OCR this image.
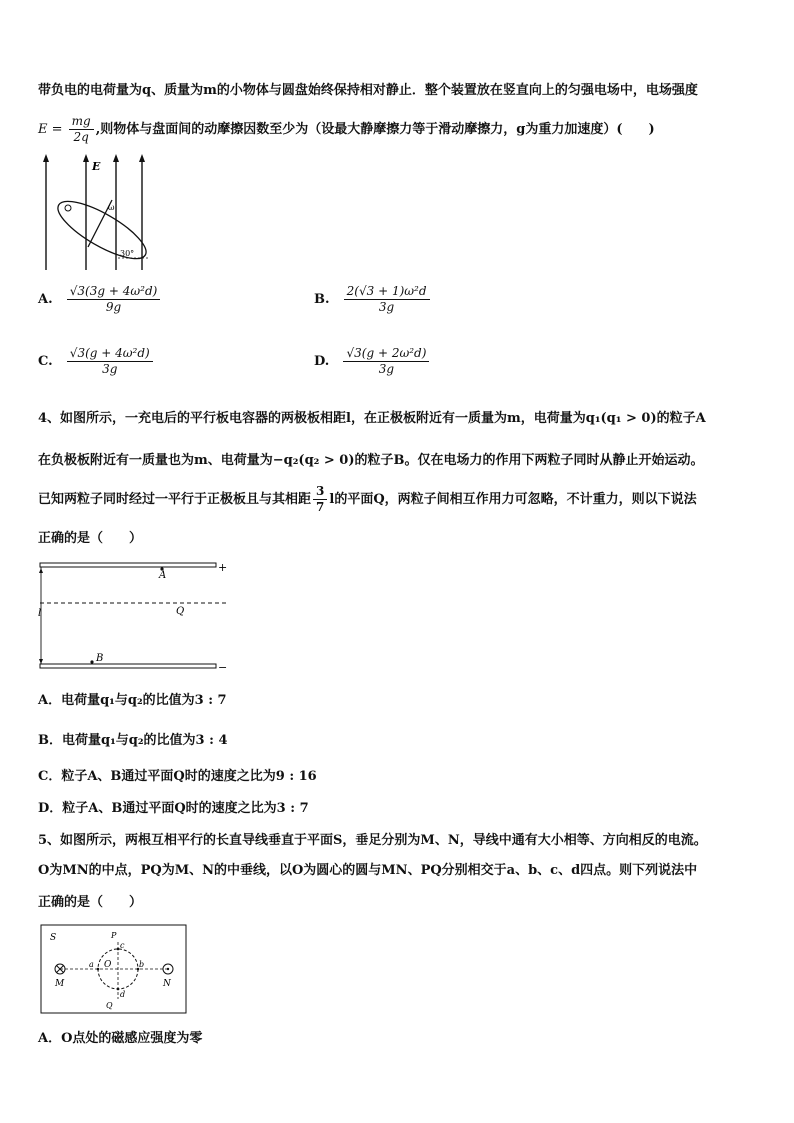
带负电的电荷量为q、质量为m的小物体与圆盘始终保持相对静止．整个装置放在竖直向上的匀强电场中，电场强度
$E = \frac{mg}{2q}$ ,则物体与盘面间的动摩擦因数至少为（设最大静摩擦力等于滑动摩擦力，g为重力加速度）(　　)
E
ω
30°
A. $\frac{\text{√3(3g + 4ω²d)}}{9g}$	B. $\frac{\text{2(√3 + 1)ω²d}}{3g}$
C. $\frac{\text{√3(g + 4ω²d)}}{3g}$	D. $\frac{\text{√3(g + 2ω²d)}}{3g}$
4、如图所示，一充电后的平行板电容器的两极板相距l，在正极板附近有一质量为m，电荷量为q₁(q₁ > 0)的粒子A
在负极板附近有一质量也为m、电荷量为−q₂(q₂ > 0)的粒子B。仅在电场力的作用下两粒子同时从静止开始运动。
已知两粒子同时经过一平行于正极板且与其相距 $\frac{3}{7}$ l的平面Q，两粒子间相互作用力可忽略，不计重力，则以下说法
正确的是（　　）
+
A
Q
l
−
B
A．电荷量q₁与q₂的比值为3 : 7
B．电荷量q₁与q₂的比值为3 : 4
C．粒子A、B通过平面Q时的速度之比为9 : 16
D．粒子A、B通过平面Q时的速度之比为3 : 7
5、如图所示，两根互相平行的长直导线垂直于平面S，垂足分别为M、N，导线中通有大小相等、方向相反的电流。
O为MN的中点，PQ为M、N的中垂线，以O为圆心的圆与MN、PQ分别相交于a、b、c、d四点。则下列说法中
正确的是（　　）
S
M	N
O
P
Q
a	b
c
d
A．O点处的磁感应强度为零
